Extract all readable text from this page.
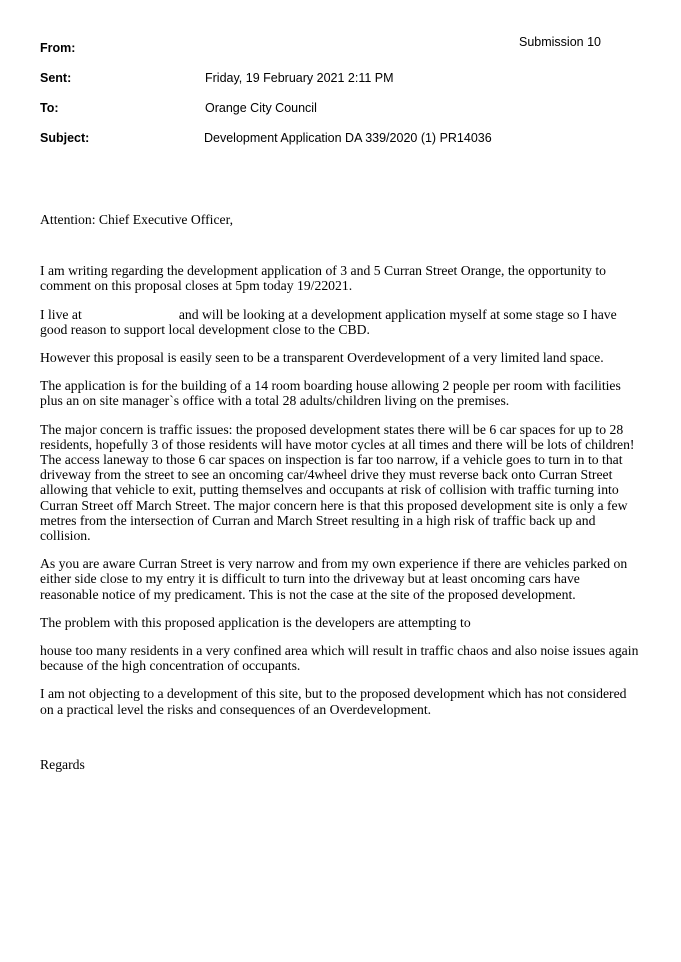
Submission 10
From:
Sent:	Friday, 19 February 2021 2:11 PM
To:	Orange City Council
Subject:	Development Application DA 339/2020 (1) PR14036

Attention: Chief Executive Officer,

I am writing regarding the development application of 3 and 5 Curran Street Orange, the opportunity to comment on this proposal closes at 5pm today 19/22021.

I live at	and will be looking at a development application myself at some stage so I have good reason to support local development close to the CBD.

However this proposal is easily seen to be a transparent Overdevelopment of a very limited land space.

The application is for the building of a 14 room boarding house allowing 2 people per room with facilities plus an on site manager`s office with a total 28 adults/children living on the premises.

The major concern is traffic issues: the proposed development states there will be 6 car spaces for up to 28 residents, hopefully 3 of those residents will have motor cycles at all times and there will be lots of children! The access laneway to those 6 car spaces on inspection is far too narrow, if a vehicle goes to turn in to that driveway from the street to see an oncoming car/4wheel drive they must reverse back onto Curran Street allowing that vehicle to exit, putting themselves and occupants at risk of collision with traffic turning into Curran Street off March Street. The major concern here is that this proposed development site is only a few metres from the intersection of Curran and March Street resulting in a high risk of traffic back up and collision.

As you are aware Curran Street is very narrow and from my own experience if there are vehicles parked on either side close to my entry it is difficult to turn into the driveway but at least oncoming cars have reasonable notice of my predicament. This is not the case at the site of the proposed development.

The problem with this proposed application is the developers are attempting to

house too many residents in a very confined area which will result in traffic chaos and also noise issues again because of the high concentration of occupants.

I am not objecting to a development of this site, but to the proposed development which has not considered on a practical level the risks and consequences of an Overdevelopment.

Regards
